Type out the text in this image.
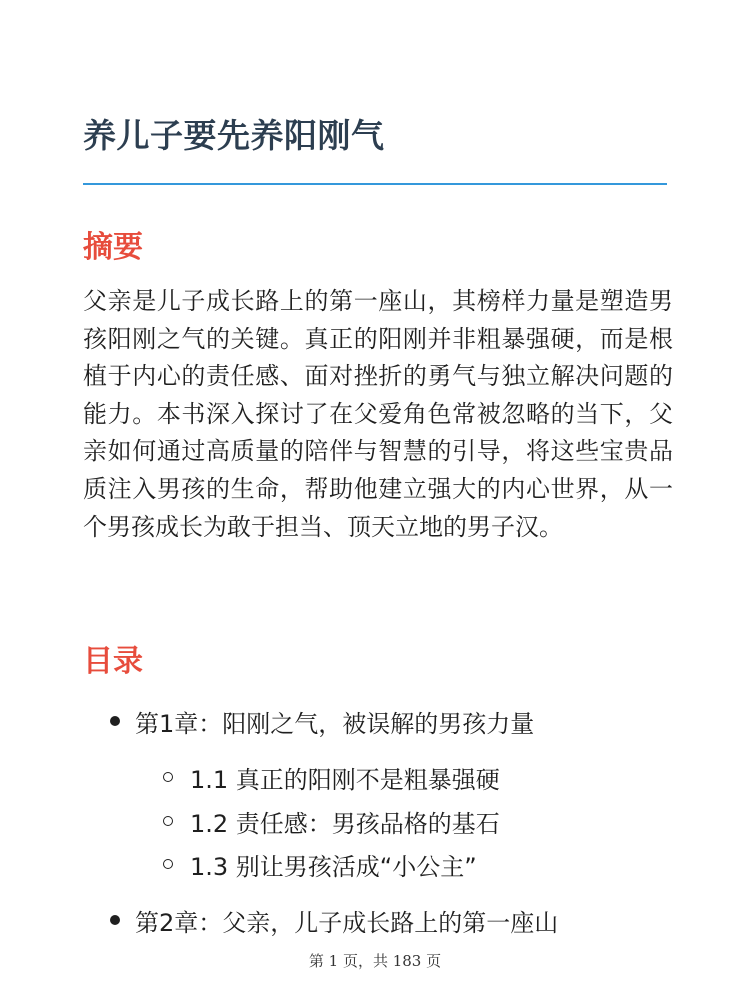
养儿子要先养阳刚气
摘要

父亲是儿子成长路上的第一座山，其榜样力量是塑造男孩阳刚之气的关键。真正的阳刚并非粗暴强硬，而是根植于内心的责任感、面对挫折的勇气与独立解决问题的能力。本书深入探讨了在父爱角色常被忽略的当下，父亲如何通过高质量的陪伴与智慧的引导，将这些宝贵品质注入男孩的生命，帮助他建立强大的内心世界，从一个男孩成长为敢于担当、顶天立地的男子汉。

目录
第1章：阳刚之气，被误解的男孩力量
1.1 真正的阳刚不是粗暴强硬
1.2 责任感：男孩品格的基石
1.3 别让男孩活成“小公主”
第2章：父亲，儿子成长路上的第一座山
第 1 页，共 183 页
